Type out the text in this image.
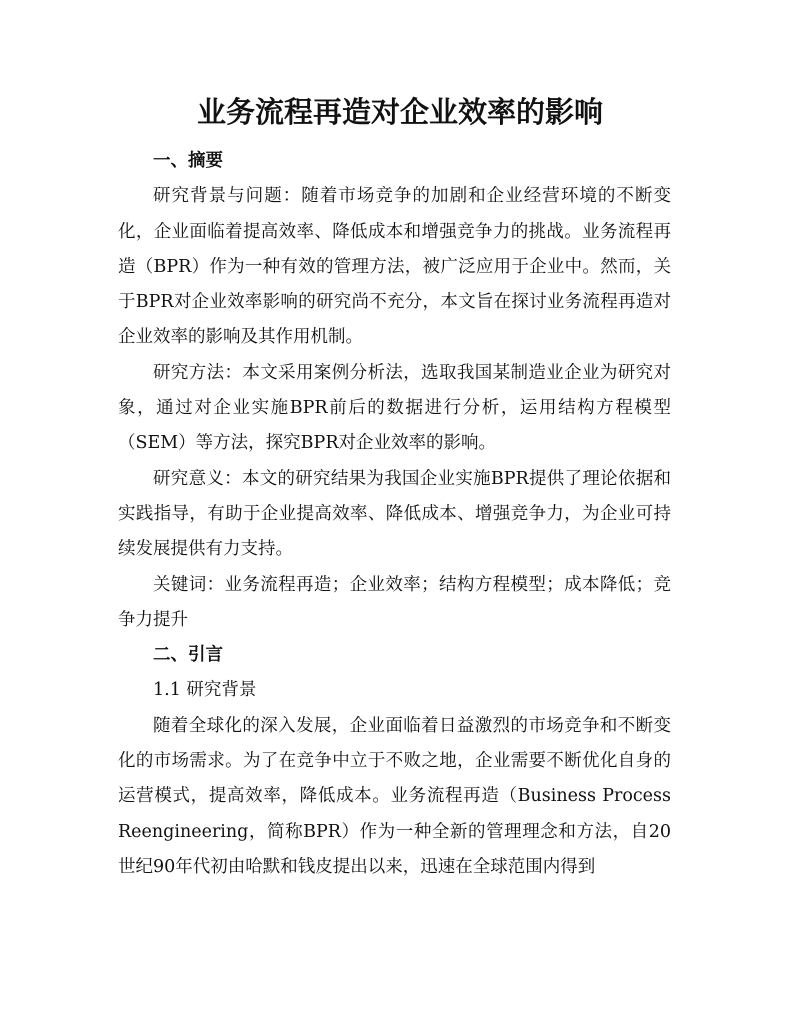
业务流程再造对企业效率的影响
一、摘要

研究背景与问题：随着市场竞争的加剧和企业经营环境的不断变化，企业面临着提高效率、降低成本和增强竞争力的挑战。业务流程再造（BPR）作为一种有效的管理方法，被广泛应用于企业中。然而，关于BPR对企业效率影响的研究尚不充分，本文旨在探讨业务流程再造对企业效率的影响及其作用机制。

研究方法：本文采用案例分析法，选取我国某制造业企业为研究对象，通过对企业实施BPR前后的数据进行分析，运用结构方程模型（SEM）等方法，探究BPR对企业效率的影响。

研究意义：本文的研究结果为我国企业实施BPR提供了理论依据和实践指导，有助于企业提高效率、降低成本、增强竞争力，为企业可持续发展提供有力支持。

关键词：业务流程再造；企业效率；结构方程模型；成本降低；竞争力提升

二、引言
1.1 研究背景

随着全球化的深入发展，企业面临着日益激烈的市场竞争和不断变化的市场需求。为了在竞争中立于不败之地，企业需要不断优化自身的运营模式，提高效率，降低成本。业务流程再造（Business Process Reengineering，简称BPR）作为一种全新的管理理念和方法，自20世纪90年代初由哈默和钱皮提出以来，迅速在全球范围内得到
